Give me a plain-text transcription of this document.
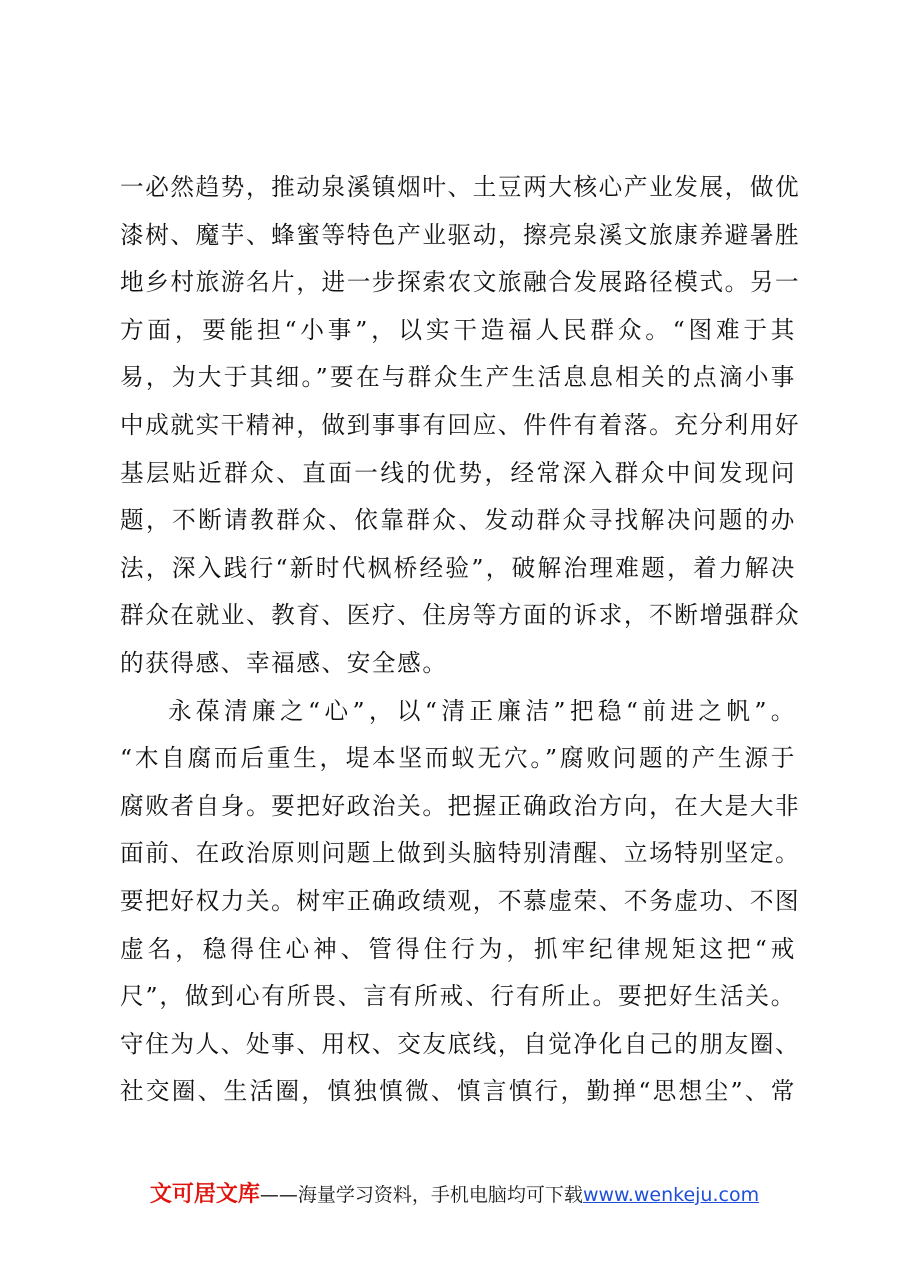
一必然趋势，推动泉溪镇烟叶、土豆两大核心产业发展，做优
漆树、魔芋、蜂蜜等特色产业驱动，擦亮泉溪文旅康养避暑胜
地乡村旅游名片，进一步探索农文旅融合发展路径模式。另一
方面，要能担“小事”，以实干造福人民群众。“图难于其
易，为大于其细。”要在与群众生产生活息息相关的点滴小事
中成就实干精神，做到事事有回应、件件有着落。充分利用好
基层贴近群众、直面一线的优势，经常深入群众中间发现问
题，不断请教群众、依靠群众、发动群众寻找解决问题的办
法，深入践行“新时代枫桥经验”，破解治理难题，着力解决
群众在就业、教育、医疗、住房等方面的诉求，不断增强群众
的获得感、幸福感、安全感。
永葆清廉之“心”，以“清正廉洁”把稳“前进之帆”。
“木自腐而后重生，堤本坚而蚁无穴。”腐败问题的产生源于
腐败者自身。要把好政治关。把握正确政治方向，在大是大非
面前、在政治原则问题上做到头脑特别清醒、立场特别坚定。
要把好权力关。树牢正确政绩观，不慕虚荣、不务虚功、不图
虚名，稳得住心神、管得住行为，抓牢纪律规矩这把“戒
尺”，做到心有所畏、言有所戒、行有所止。要把好生活关。
守住为人、处事、用权、交友底线，自觉净化自己的朋友圈、
社交圈、生活圈，慎独慎微、慎言慎行，勤掸“思想尘”、常
文可居文库——海量学习资料，手机电脑均可下载www.wenkeju.com
